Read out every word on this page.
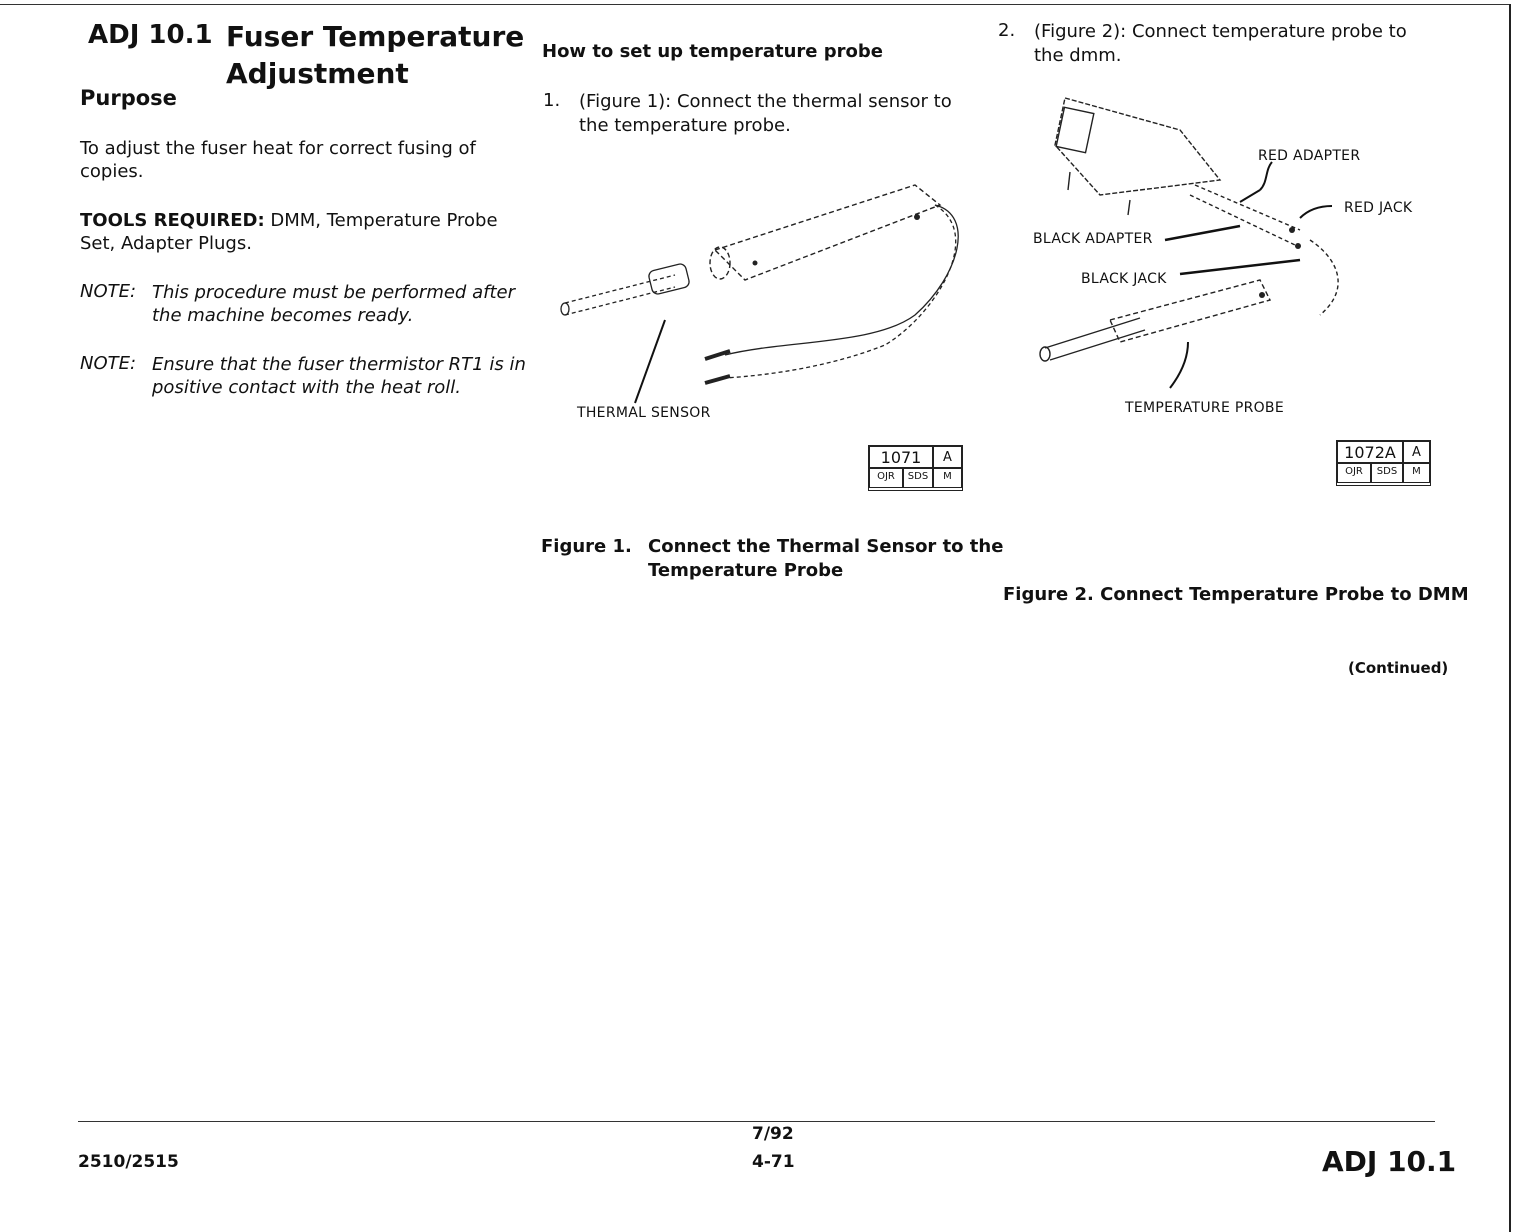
ADJ 10.1 Fuser Temperature
Adjustment
Purpose
To adjust the fuser heat for correct fusing of
copies.
TOOLS REQUIRED: DMM, Temperature Probe
Set, Adapter Plugs.
NOTE: This procedure must be performed after
the machine becomes ready.
NOTE: Ensure that the fuser thermistor RT1 is in
positive contact with the heat roll.
How to set up temperature probe
1. (Figure 1): Connect the thermal sensor to
the temperature probe.
THERMAL SENSOR
1071	A
OJR	SDS	M
Figure 1. Connect the Thermal Sensor to the
Temperature Probe
2. (Figure 2): Connect temperature probe to
the dmm.
RED ADAPTER
RED JACK
BLACK ADAPTER
BLACK JACK
TEMPERATURE PROBE
1072A	A
OJR	SDS	M
Figure 2. Connect Temperature Probe to DMM
(Continued)
2510/2515
7/92
4-71	ADJ 10.1
